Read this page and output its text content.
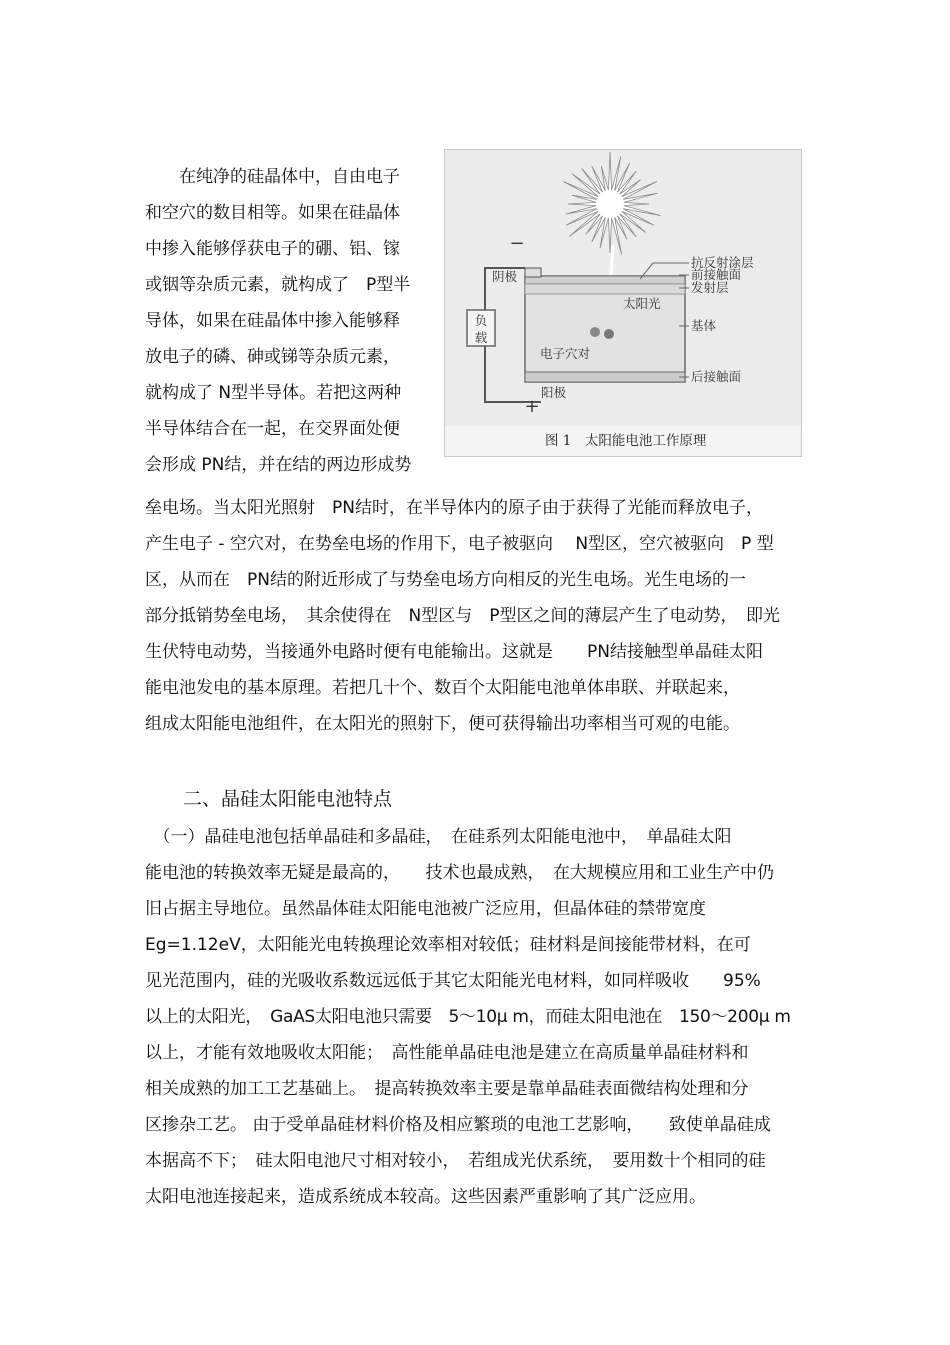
　　在纯净的硅晶体中，自由电子

和空穴的数目相等。如果在硅晶体

中掺入能够俘获电子的硼、铝、镓

或铟等杂质元素，就构成了　P型半

导体，如果在硅晶体中掺入能够释

放电子的磷、砷或锑等杂质元素，

就构成了 N型半导体。若把这两种

半导体结合在一起，在交界面处便

会形成 PN结，并在结的两边形成势

负
载
−
+
阴极
阳极
太阳光
电子穴对
抗反射涂层
前接触面
发射层
基体
后接触面
图 1　太阳能电池工作原理

垒电场。当太阳光照射　PN结时，在半导体内的原子由于获得了光能而释放电子，

产生电子 - 空穴对，在势垒电场的作用下，电子被驱向　 N型区，空穴被驱向　P 型

区，从而在　PN结的附近形成了与势垒电场方向相反的光生电场。光生电场的一

部分抵销势垒电场，　其余使得在　N型区与　P型区之间的薄层产生了电动势，　即光

生伏特电动势，当接通外电路时便有电能输出。这就是　　PN结接触型单晶硅太阳

能电池发电的基本原理。若把几十个、数百个太阳能电池单体串联、并联起来，

组成太阳能电池组件，在太阳光的照射下，便可获得输出功率相当可观的电能。

　　二、晶硅太阳能电池特点

　（一）晶硅电池包括单晶硅和多晶硅，　在硅系列太阳能电池中，　单晶硅太阳

能电池的转换效率无疑是最高的，　　技术也最成熟，　在大规模应用和工业生产中仍

旧占据主导地位。虽然晶体硅太阳能电池被广泛应用，但晶体硅的禁带宽度

Eg=1.12eV，太阳能光电转换理论效率相对较低；硅材料是间接能带材料，在可

见光范围内，硅的光吸收系数远远低于其它太阳能光电材料，如同样吸收　　95%

以上的太阳光，　GaAS太阳电池只需要　5～10μ m，而硅太阳电池在　150～200μ m

以上，才能有效地吸收太阳能；　高性能单晶硅电池是建立在高质量单晶硅材料和

相关成熟的加工工艺基础上。　提高转换效率主要是靠单晶硅表面微结构处理和分

区掺杂工艺。 由于受单晶硅材料价格及相应繁琐的电池工艺影响，　　致使单晶硅成

本据高不下；　硅太阳电池尺寸相对较小，　若组成光伏系统，　要用数十个相同的硅

太阳电池连接起来，造成系统成本较高。这些因素严重影响了其广泛应用。
